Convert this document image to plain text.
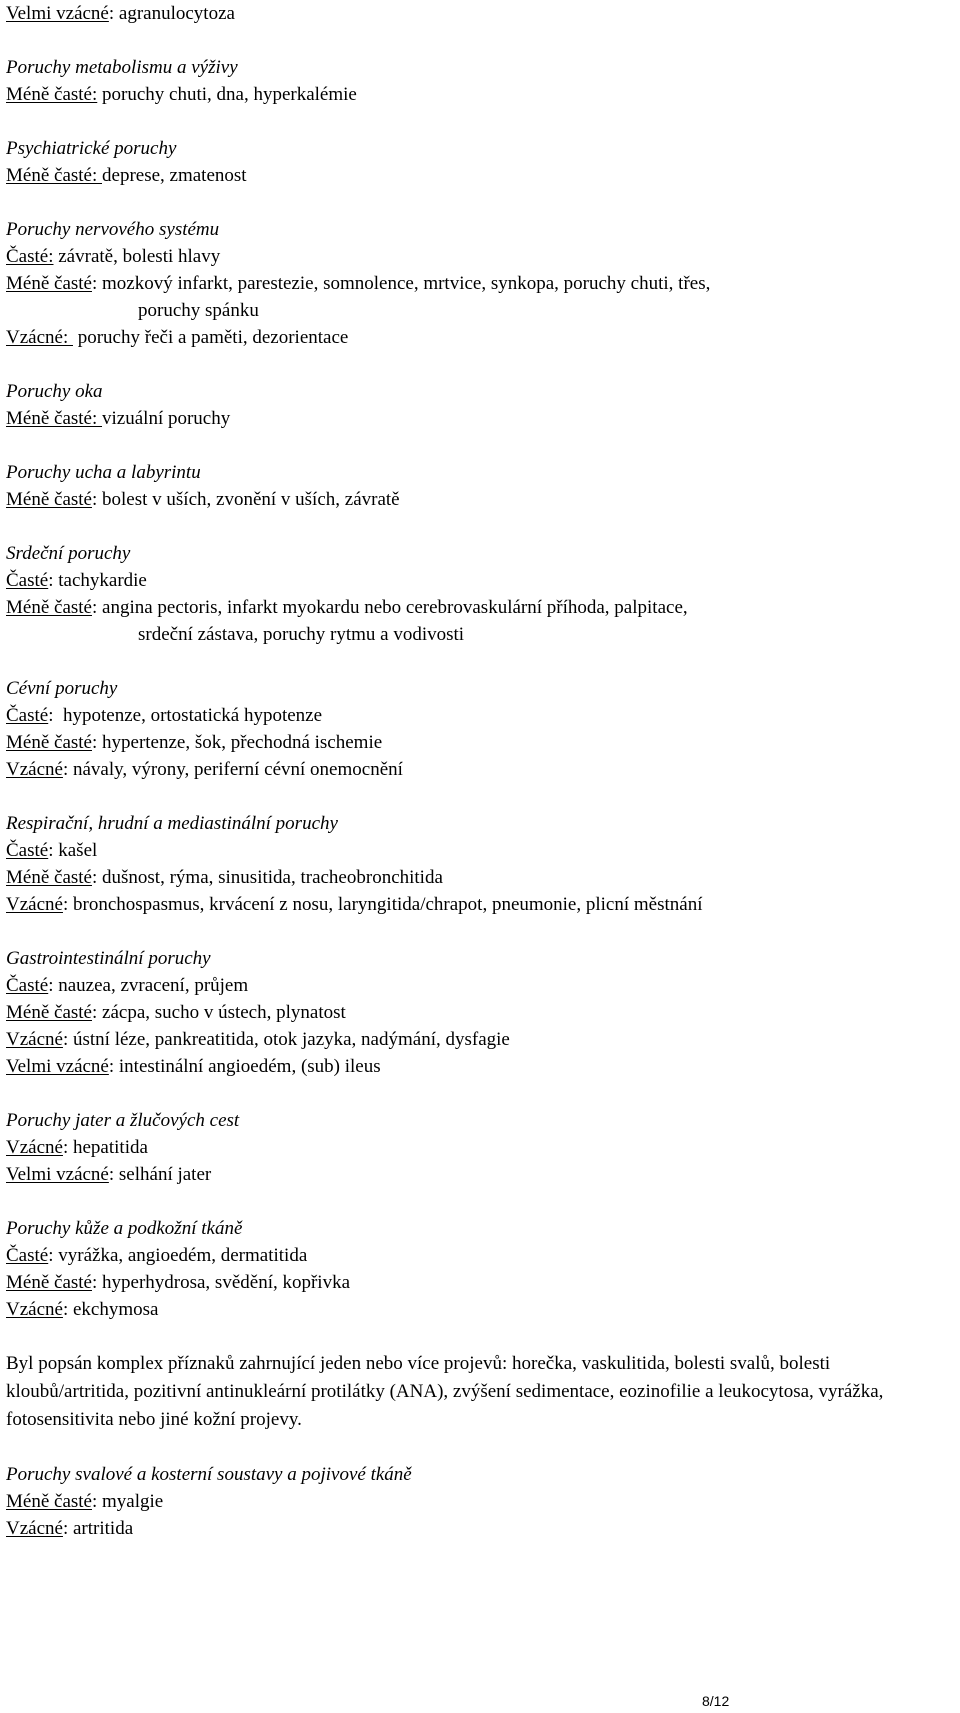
Velmi vzácné: agranulocytoza
Poruchy metabolismu a výživy
Méně časté: poruchy chuti, dna, hyperkalémie
Psychiatrické poruchy
Méně časté: deprese, zmatenost
Poruchy nervového systému
Časté: závratě, bolesti hlavy
Méně časté: mozkový infarkt, parestezie, somnolence, mrtvice, synkopa, poruchy chuti, třes,
poruchy spánku
Vzácné:  poruchy řeči a paměti, dezorientace
Poruchy oka
Méně časté: vizuální poruchy
Poruchy ucha a labyrintu
Méně časté: bolest v uších, zvonění v uších, závratě
Srdeční poruchy
Časté: tachykardie
Méně časté: angina pectoris, infarkt myokardu nebo cerebrovaskulární příhoda, palpitace,
srdeční zástava, poruchy rytmu a vodivosti
Cévní poruchy
Časté:  hypotenze, ortostatická hypotenze
Méně časté: hypertenze, šok, přechodná ischemie
Vzácné: návaly, výrony, periferní cévní onemocnění
Respirační, hrudní a mediastinální poruchy
Časté: kašel
Méně časté: dušnost, rýma, sinusitida, tracheobronchitida
Vzácné: bronchospasmus, krvácení z nosu, laryngitida/chrapot, pneumonie, plicní městnání
Gastrointestinální poruchy
Časté: nauzea, zvracení, průjem
Méně časté: zácpa, sucho v ústech, plynatost
Vzácné: ústní léze, pankreatitida, otok jazyka, nadýmání, dysfagie
Velmi vzácné: intestinální angioedém, (sub) ileus
Poruchy jater a žlučových cest
Vzácné: hepatitida
Velmi vzácné: selhání jater
Poruchy kůže a podkožní tkáně
Časté: vyrážka, angioedém, dermatitida
Méně časté: hyperhydrosa, svědění, kopřivka
Vzácné: ekchymosa
Byl popsán komplex příznaků zahrnující jeden nebo více projevů: horečka, vaskulitida, bolesti svalů, bolesti kloubů/artritida, pozitivní antinukleární protilátky (ANA), zvýšení sedimentace, eozinofilie a leukocytosa, vyrážka, fotosensitivita nebo jiné kožní projevy.
Poruchy svalové a kosterní soustavy a pojivové tkáně
Méně časté: myalgie
Vzácné: artritida
8/12
